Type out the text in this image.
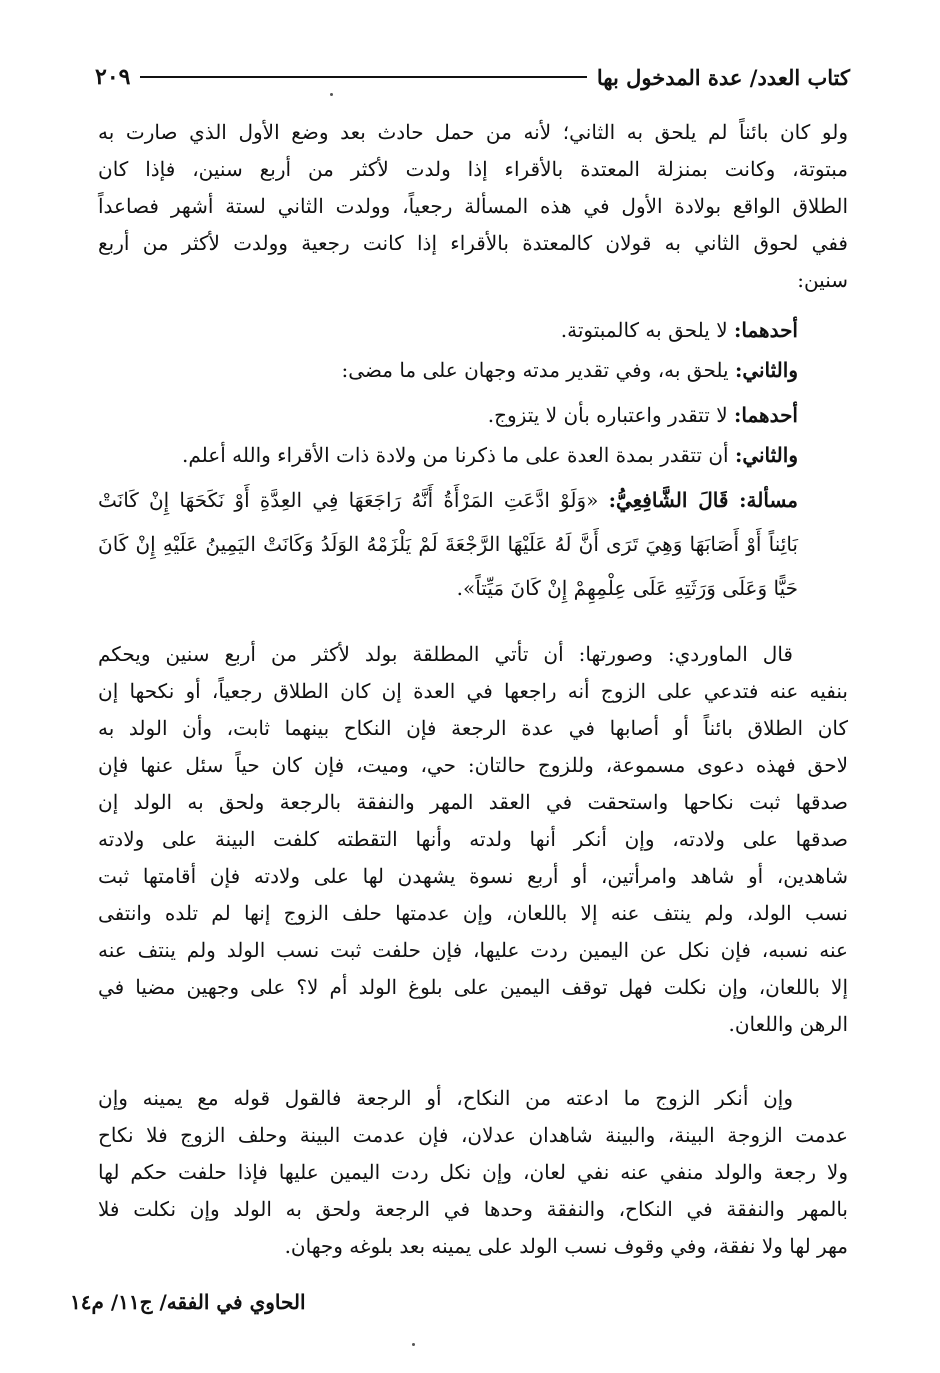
كتاب العدد/ عدة المدخول بها
٢٠٩
ولو كان بائناً لم يلحق به الثاني؛ لأنه من حمل حادث بعد وضع الأول الذي صارت به
مبتوتة، وكانت بمنزلة المعتدة بالأقراء إذا ولدت لأكثر من أربع سنين، فإذا كان
الطلاق الواقع بولادة الأول في هذه المسألة رجعياً، وولدت الثاني لستة أشهر فصاعداً
ففي لحوق الثاني به قولان كالمعتدة بالأقراء إذا كانت رجعية وولدت لأكثر من أربع
سنين:
أحدهما: لا يلحق به كالمبتوتة.
والثاني: يلحق به، وفي تقدير مدته وجهان على ما مضى:
أحدهما: لا تتقدر واعتباره بأن لا يتزوج.
والثاني: أن تتقدر بمدة العدة على ما ذكرنا من ولادة ذات الأقراء والله أعلم.
مسألة: قَالَ الشَّافِعِيُّ: «وَلَوْ ادَّعَتِ المَرْأَةُ أَنَّهُ رَاجَعَهَا فِي العِدَّةِ أَوْ نَكَحَهَا إِنْ كَانَتْ
بَائِناً أَوْ أَصَابَهَا وَهِيَ تَرَى أَنَّ لَهُ عَلَيْهَا الرَّجْعَةَ لَمْ يَلْزَمْهُ الوَلَدُ وَكَانَتْ اليَمِينُ عَلَيْهِ إِنْ كَانَ
حَيًّا وَعَلَى وَرَثَتِهِ عَلَى عِلْمِهِمْ إِنْ كَانَ مَيِّتاً».
قال الماوردي: وصورتها: أن تأتي المطلقة بولد لأكثر من أربع سنين ويحكم
بنفيه عنه فتدعي على الزوج أنه راجعها في العدة إن كان الطلاق رجعياً، أو نكحها إن
كان الطلاق بائناً أو أصابها في عدة الرجعة فإن النكاح بينهما ثابت، وأن الولد به
لاحق فهذه دعوى مسموعة، وللزوج حالتان: حي، وميت، فإن كان حياً سئل عنها فإن
صدقها ثبت نكاحها واستحقت في العقد المهر والنفقة بالرجعة ولحق به الولد إن
صدقها على ولادته، وإن أنكر أنها ولدته وأنها التقطته كلفت البينة على ولادته
شاهدين، أو شاهد وامرأتين، أو أربع نسوة يشهدن لها على ولادته فإن أقامتها ثبت
نسب الولد، ولم ينتف عنه إلا باللعان، وإن عدمتها حلف الزوج إنها لم تلده وانتفى
عنه نسبه، فإن نكل عن اليمين ردت عليها، فإن حلفت ثبت نسب الولد ولم ينتف عنه
إلا باللعان، وإن نكلت فهل توقف اليمين على بلوغ الولد أم لا؟ على وجهين مضيا في
الرهن واللعان.
وإن أنكر الزوج ما ادعته من النكاح، أو الرجعة فالقول قوله مع يمينه وإن
عدمت الزوجة البينة، والبينة شاهدان عدلان، فإن عدمت البينة وحلف الزوج فلا نكاح
ولا رجعة والولد منفي عنه نفي لعان، وإن نكل ردت اليمين عليها فإذا حلفت حكم لها
بالمهر والنفقة في النكاح، والنفقة وحدها في الرجعة ولحق به الولد وإن نكلت فلا
مهر لها ولا نفقة، وفي وقوف نسب الولد على يمينه بعد بلوغه وجهان.
الحاوي في الفقه/ ج١١/ م١٤
